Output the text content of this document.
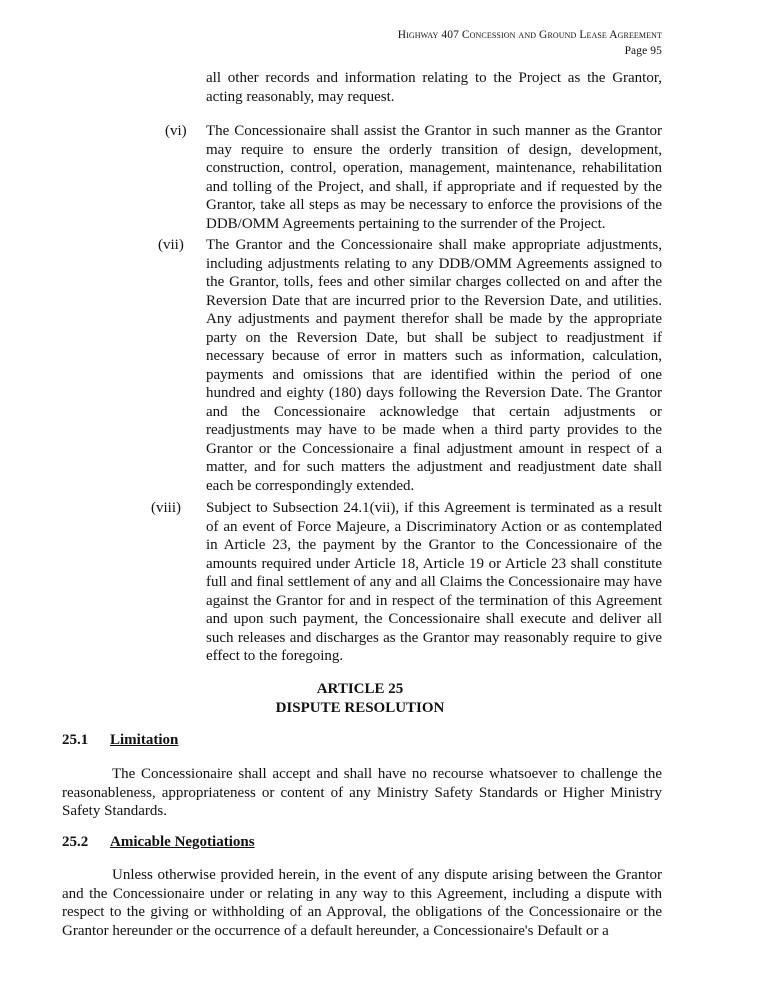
Highway 407 Concession and Ground Lease Agreement
Page 95
all other records and information relating to the Project as the Grantor, acting reasonably, may request.
(vi) The Concessionaire shall assist the Grantor in such manner as the Grantor may require to ensure the orderly transition of design, development, construction, control, operation, management, maintenance, rehabilitation and tolling of the Project, and shall, if appropriate and if requested by the Grantor, take all steps as may be necessary to enforce the provisions of the DDB/OMM Agreements pertaining to the surrender of the Project.
(vii) The Grantor and the Concessionaire shall make appropriate adjustments, including adjustments relating to any DDB/OMM Agreements assigned to the Grantor, tolls, fees and other similar charges collected on and after the Reversion Date that are incurred prior to the Reversion Date, and utilities. Any adjustments and payment therefor shall be made by the appropriate party on the Reversion Date, but shall be subject to readjustment if necessary because of error in matters such as information, calculation, payments and omissions that are identified within the period of one hundred and eighty (180) days following the Reversion Date. The Grantor and the Concessionaire acknowledge that certain adjustments or readjustments may have to be made when a third party provides to the Grantor or the Concessionaire a final adjustment amount in respect of a matter, and for such matters the adjustment and readjustment date shall each be correspondingly extended.
(viii) Subject to Subsection 24.1(vii), if this Agreement is terminated as a result of an event of Force Majeure, a Discriminatory Action or as contemplated in Article 23, the payment by the Grantor to the Concessionaire of the amounts required under Article 18, Article 19 or Article 23 shall constitute full and final settlement of any and all Claims the Concessionaire may have against the Grantor for and in respect of the termination of this Agreement and upon such payment, the Concessionaire shall execute and deliver all such releases and discharges as the Grantor may reasonably require to give effect to the foregoing.
ARTICLE 25
DISPUTE RESOLUTION
25.1 Limitation
The Concessionaire shall accept and shall have no recourse whatsoever to challenge the reasonableness, appropriateness or content of any Ministry Safety Standards or Higher Ministry Safety Standards.
25.2 Amicable Negotiations
Unless otherwise provided herein, in the event of any dispute arising between the Grantor and the Concessionaire under or relating in any way to this Agreement, including a dispute with respect to the giving or withholding of an Approval, the obligations of the Concessionaire or the Grantor hereunder or the occurrence of a default hereunder, a Concessionaire's Default or a
